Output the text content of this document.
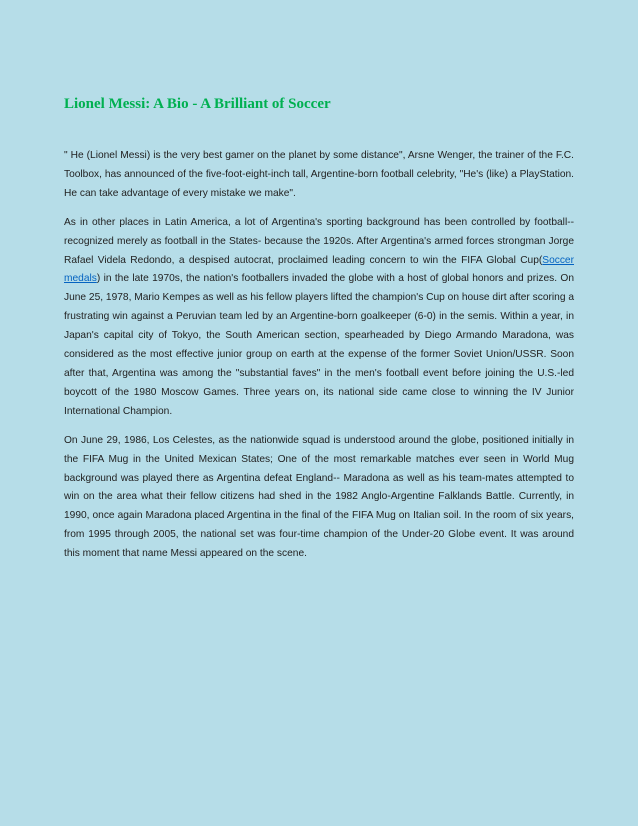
Lionel Messi: A Bio - A Brilliant of Soccer

" He (Lionel Messi) is the very best gamer on the planet by some distance", Arsne Wenger, the trainer of the F.C. Toolbox, has announced of the five-foot-eight-inch tall, Argentine-born football celebrity, "He's (like) a PlayStation. He can take advantage of every mistake we make".

As in other places in Latin America, a lot of Argentina's sporting background has been controlled by football-- recognized merely as football in the States- because the 1920s. After Argentina's armed forces strongman Jorge Rafael Videla Redondo, a despised autocrat, proclaimed leading concern to win the FIFA Global Cup(Soccer medals) in the late 1970s, the nation's footballers invaded the globe with a host of global honors and prizes. On June 25, 1978, Mario Kempes as well as his fellow players lifted the champion's Cup on house dirt after scoring a frustrating win against a Peruvian team led by an Argentine-born goalkeeper (6-0) in the semis. Within a year, in Japan's capital city of Tokyo, the South American section, spearheaded by Diego Armando Maradona, was considered as the most effective junior group on earth at the expense of the former Soviet Union/USSR. Soon after that, Argentina was among the "substantial faves" in the men's football event before joining the U.S.-led boycott of the 1980 Moscow Games. Three years on, its national side came close to winning the IV Junior International Champion.

On June 29, 1986, Los Celestes, as the nationwide squad is understood around the globe, positioned initially in the FIFA Mug in the United Mexican States; One of the most remarkable matches ever seen in World Mug background was played there as Argentina defeat England-- Maradona as well as his team-mates attempted to win on the area what their fellow citizens had shed in the 1982 Anglo-Argentine Falklands Battle. Currently, in 1990, once again Maradona placed Argentina in the final of the FIFA Mug on Italian soil. In the room of six years, from 1995 through 2005, the national set was four-time champion of the Under-20 Globe event. It was around this moment that name Messi appeared on the scene.
